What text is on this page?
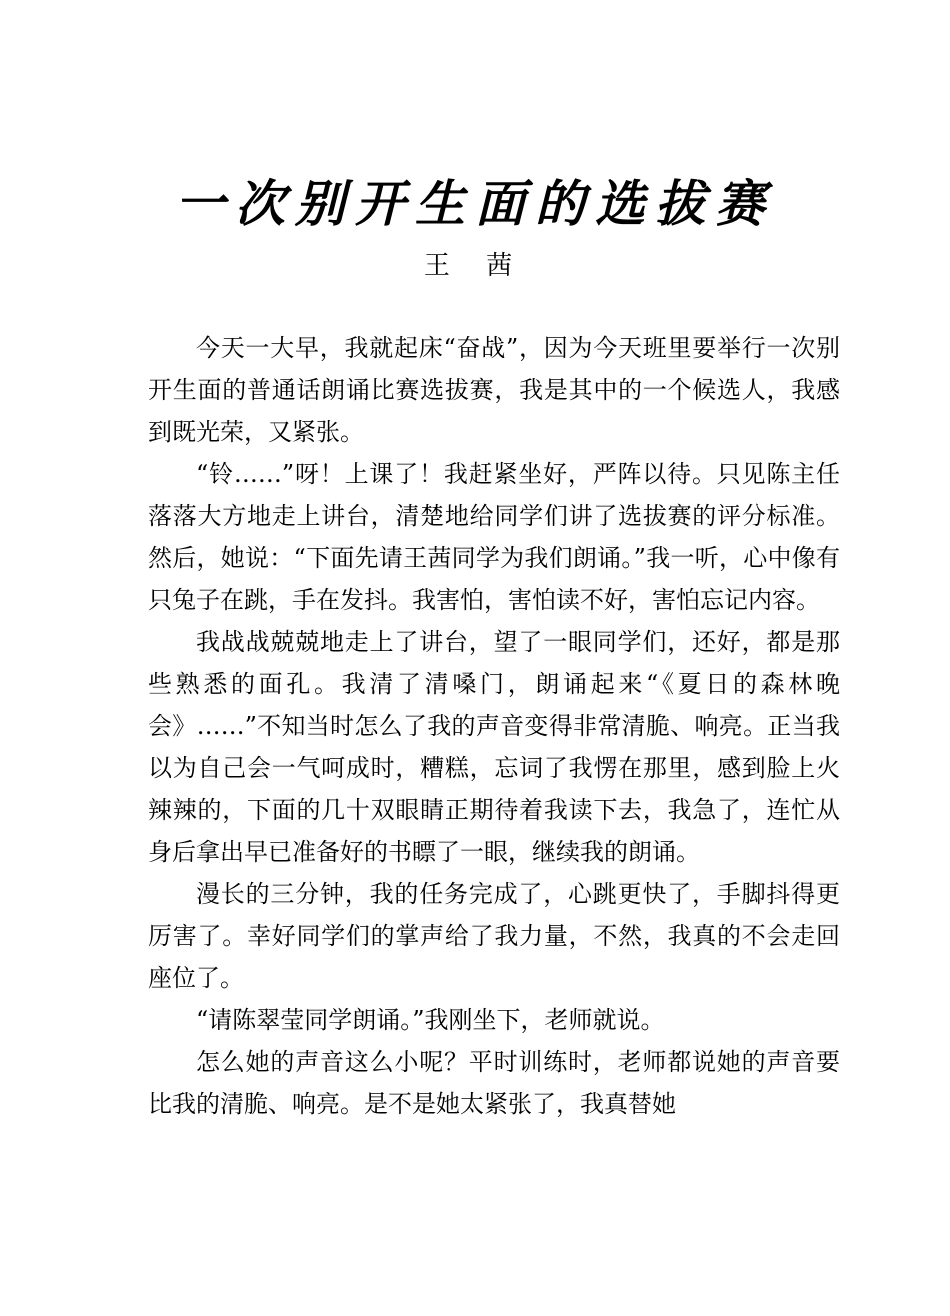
一次别开生面的选拔赛
王 茜

今天一大早，我就起床“奋战”，因为今天班里要举行一次别开生面的普通话朗诵比赛选拔赛，我是其中的一个候选人，我感到既光荣，又紧张。

“铃……”呀！上课了！我赶紧坐好，严阵以待。只见陈主任落落大方地走上讲台，清楚地给同学们讲了选拔赛的评分标准。然后，她说：“下面先请王茜同学为我们朗诵。”我一听，心中像有只兔子在跳，手在发抖。我害怕，害怕读不好，害怕忘记内容。

我战战兢兢地走上了讲台，望了一眼同学们，还好，都是那些熟悉的面孔。我清了清嗓门，朗诵起来“《夏日的森林晚会》……”不知当时怎么了我的声音变得非常清脆、响亮。正当我以为自己会一气呵成时，糟糕，忘词了我愣在那里，感到脸上火辣辣的，下面的几十双眼睛正期待着我读下去，我急了，连忙从身后拿出早已准备好的书瞟了一眼，继续我的朗诵。

漫长的三分钟，我的任务完成了，心跳更快了，手脚抖得更厉害了。幸好同学们的掌声给了我力量，不然，我真的不会走回座位了。

“请陈翠莹同学朗诵。”我刚坐下，老师就说。

怎么她的声音这么小呢？平时训练时，老师都说她的声音要比我的清脆、响亮。是不是她太紧张了，我真替她
